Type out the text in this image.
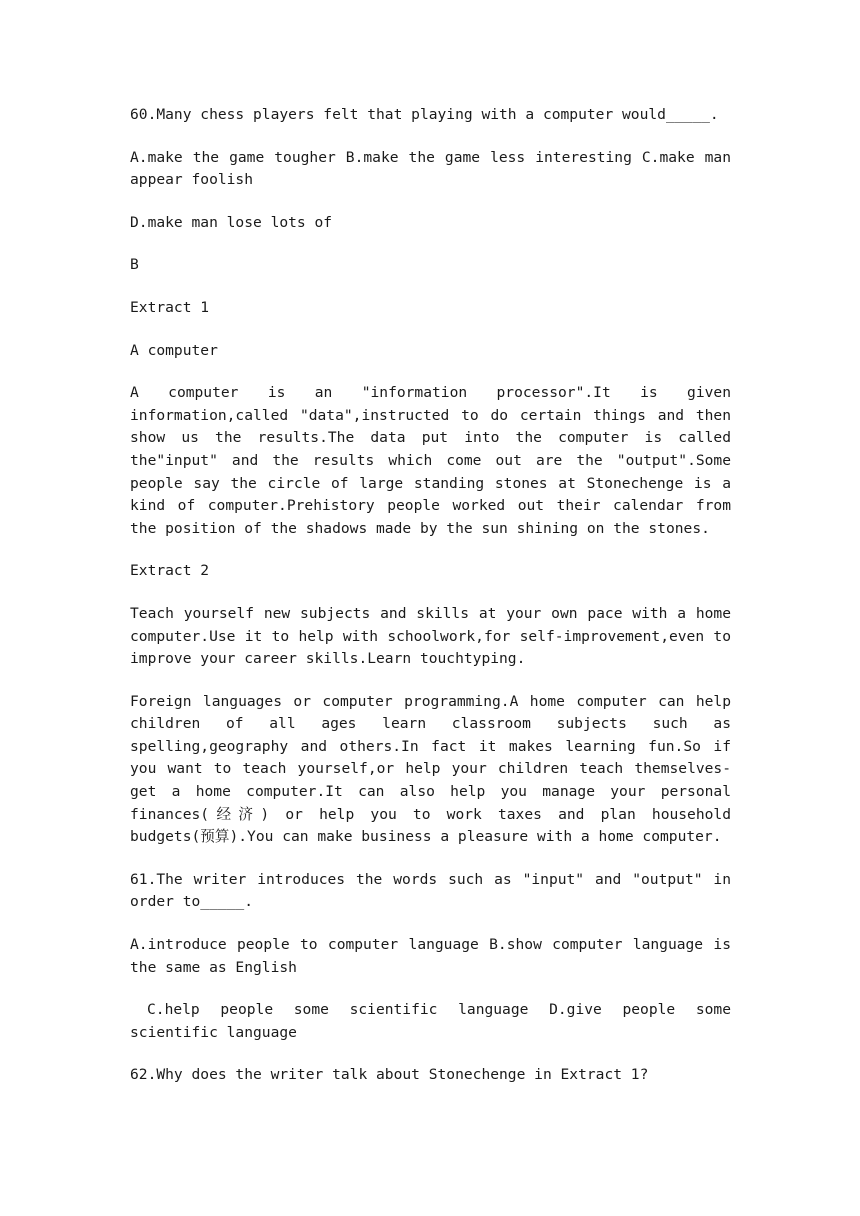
60.Many chess players felt that playing with a computer would_____.

A.make the game tougher B.make the game less interesting C.make man appear foolish

D.make man lose lots of

B

Extract 1

A computer

A computer is an "information processor".It is given information,called "data",instructed to do certain things and then show us the results.The data put into the computer is called the"input" and the results which come out are the "output".Some people say the circle of large standing stones at Stonechenge is a kind of computer.Prehistory people worked out their calendar from the position of the shadows made by the sun shining on the stones.

Extract 2

Teach yourself new subjects and skills at your own pace with a home computer.Use it to help with schoolwork,for self-improvement,even to improve your career skills.Learn touchtyping.

Foreign languages or computer programming.A home computer can help children of all ages learn classroom subjects such as spelling,geography and others.In fact it makes learning fun.So if you want to teach yourself,or help your children teach themselves-get a home computer.It can also help you manage your personal finances(经济) or help you to work taxes and plan household budgets(预算).You can make business a pleasure with a home computer.

61.The writer introduces the words such as "input" and "output" in order to_____.

A.introduce people to computer language B.show computer language is the same as English

C.help people some scientific language D.give people some scientific language

62.Why does the writer talk about Stonechenge in Extract 1?
